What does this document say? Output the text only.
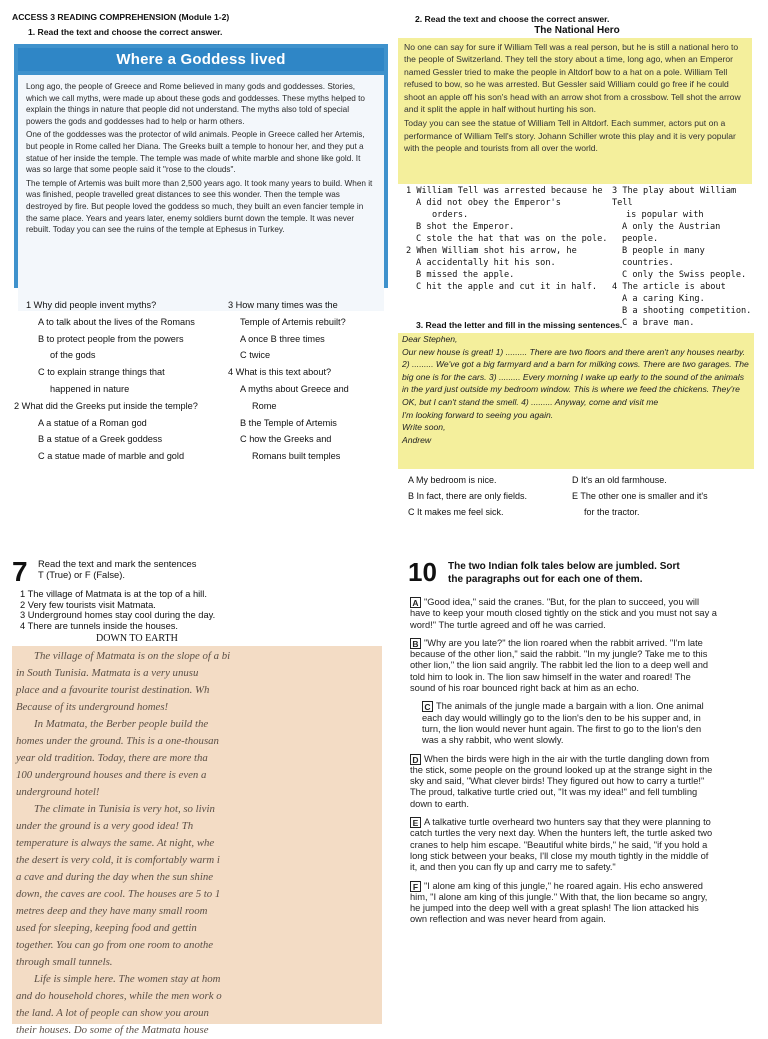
ACCESS 3 READING COMPREHENSION (Module 1-2)
1. Read the text and choose the correct answer.
Where a Goddess lived

Long ago, the people of Greece and Rome believed in many gods and goddesses. Stories, which we call myths, were made up about these gods and goddesses. These myths helped to explain the things in nature that people did not understand. The myths also told of special powers the gods and goddesses had to help or harm others.

One of the goddesses was the protector of wild animals. People in Greece called her Artemis, but people in Rome called her Diana. The Greeks built a temple to honour her, and they put a statue of her inside the temple. The temple was made of white marble and shone like gold. It was so large that some people said it "rose to the clouds".

The temple of Artemis was built more than 2,500 years ago. It took many years to build. When it was finished, people travelled great distances to see this wonder. Then the temple was destroyed by fire. But people loved the goddess so much, they built an even fancier temple in the same place. Years and years later, enemy soldiers burnt down the temple. It was never rebuilt. Today you can see the ruins of the temple at Ephesus in Turkey.

1 Why did people invent myths?
A to talk about the lives of the Romans
B to protect people from the powers
of the gods
C to explain strange things that
happened in nature
2 What did the Greeks put inside the temple?
A a statue of a Roman god
B a statue of a Greek goddess
C a statue made of marble and gold
3 How many times was the
Temple of Artemis rebuilt?
A once B three times
C twice
4 What is this text about?
A myths about Greece and
Rome
B the Temple of Artemis
C how the Greeks and
Romans built temples
2. Read the text and choose the correct answer.
The National Hero

No one can say for sure if William Tell was a real person, but he is still a national hero to the people of Switzerland. They tell the story about a time, long ago, when an Emperor named Gessler tried to make the people in Altdorf bow to a hat on a pole. William Tell refused to bow, so he was arrested. But Gessler said William could go free if he could shoot an apple off his son's head with an arrow shot from a crossbow. Tell shot the arrow and it split the apple in half without hurting his son.

Today you can see the statue of William Tell in Altdorf. Each summer, actors put on a performance of William Tell's story. Johann Schiller wrote this play and it is very popular with the people and tourists from all over the world.

1 William Tell was arrested because he
A did not obey the Emperor's
orders.
B shot the Emperor.
C stole the hat that was on the pole.
2 When William shot his arrow, he
A accidentally hit his son.
B missed the apple.
C hit the apple and cut it in half.
3 The play about William Tell
is popular with
A only the Austrian people.
B people in many countries.
C only the Swiss people.
4 The article is about
A a caring King.
B a shooting competition.
C a brave man.
3. Read the letter and fill in the missing sentences.
Dear Stephen,
Our new house is great! 1) ......... There are two floors and there aren't any houses nearby. 2) ......... We've got a big farmyard and a barn for milking cows. There are two garages. The big one is for the cars. 3) ......... Every morning I wake up early to the sound of the animals in the yard just outside my bedroom window. This is where we feed the chickens. They're OK, but I can't stand the smell. 4) ......... Anyway, come and visit me
I'm looking forward to seeing you again.
Write soon,
Andrew
A My bedroom is nice.
B In fact, there are only fields.
C It makes me feel sick.
D It's an old farmhouse.
E The other one is smaller and it's
for the tractor.
7 Read the text and mark the sentences
T (True) or F (False).
1 The village of Matmata is at the top of a hill.
2 Very few tourists visit Matmata.
3 Underground homes stay cool during the day.
4 There are tunnels inside the houses.
DOWN TO EARTH
The village of Matmata is on the slope of a bi
in South Tunisia. Matmata is a very unusu
place and a favourite tourist destination. Wh
Because of its underground homes!
In Matmata, the Berber people build the
homes under the ground. This is a one-thousan
year old tradition. Today, there are more tha
100 underground houses and there is even a
underground hotel!
The climate in Tunisia is very hot, so livin
under the ground is a very good idea! Th
temperature is always the same. At night, whe
the desert is very cold, it is comfortably warm i
a cave and during the day when the sun shine
down, the caves are cool. The houses are 5 to 1
metres deep and they have many small room
used for sleeping, keeping food and gettin
together. You can go from one room to anothe
through small tunnels.
Life is simple here. The women stay at hom
and do household chores, while the men work o
the land. A lot of people can show you aroun
their houses. Do some of the Matmata house
10 The two Indian folk tales below are jumbled. Sort
the paragraphs out for each one of them.

A "Good idea," said the cranes. "But, for the plan to succeed, you will have to keep your mouth closed tightly on the stick and you must not say a word!" The turtle agreed and off he was carried.

B "Why are you late?" the lion roared when the rabbit arrived. "I'm late because of the other lion," said the rabbit. "In my jungle? Take me to this other lion," the lion said angrily. The rabbit led the lion to a deep well and told him to look in. The lion saw himself in the water and roared! The sound of his roar bounced right back at him as an echo.

C The animals of the jungle made a bargain with a lion. One animal each day would willingly go to the lion's den to be his supper and, in turn, the lion would never hunt again. The first to go to the lion's den was a shy rabbit, who went slowly.

D When the birds were high in the air with the turtle dangling down from the stick, some people on the ground looked up at the strange sight in the sky and said, "What clever birds! They figured out how to carry a turtle!" The proud, talkative turtle cried out, "It was my idea!" and fell tumbling down to earth.

E A talkative turtle overheard two hunters say that they were planning to catch turtles the very next day. When the hunters left, the turtle asked two cranes to help him escape. "Beautiful white birds," he said, "if you hold a long stick between your beaks, I'll close my mouth tightly in the middle of it, and then you can fly up and carry me to safety."

F "I alone am king of this jungle," he roared again. His echo answered him, "I alone am king of this jungle." With that, the lion became so angry, he jumped into the deep well with a great splash! The lion attacked his own reflection and was never heard from again.
